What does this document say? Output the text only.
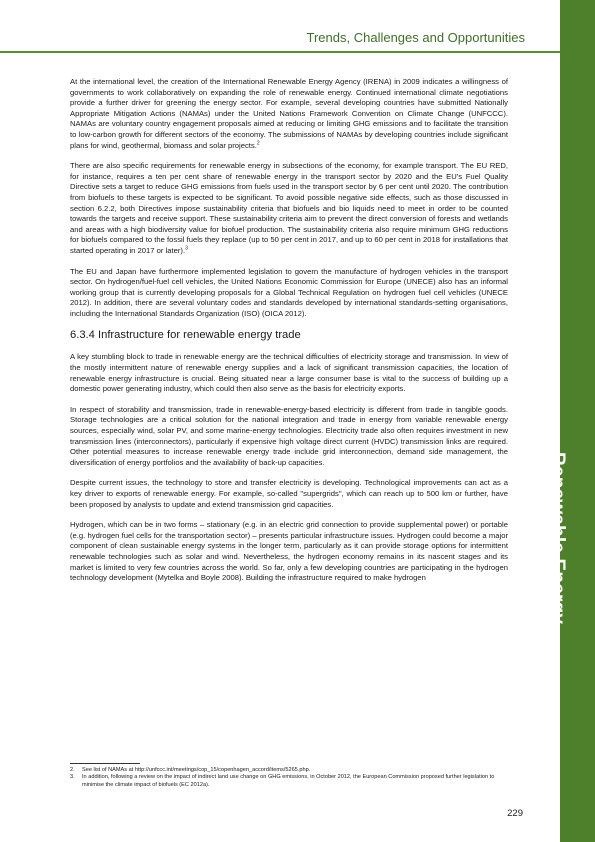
Trends, Challenges and Opportunities
Renewable Energy

At the international level, the creation of the International Renewable Energy Agency (IRENA) in 2009 indicates a willingness of governments to work collaboratively on expanding the role of renewable energy. Continued international climate negotiations provide a further driver for greening the energy sector. For example, several developing countries have submitted Nationally Appropriate Mitigation Actions (NAMAs) under the United Nations Framework Convention on Climate Change (UNFCCC). NAMAs are voluntary country engagement proposals aimed at reducing or limiting GHG emissions and to facilitate the transition to low-carbon growth for different sectors of the economy. The submissions of NAMAs by developing countries include significant plans for wind, geothermal, biomass and solar projects.$^2$

There are also specific requirements for renewable energy in subsections of the economy, for example transport. The EU RED, for instance, requires a ten per cent share of renewable energy in the transport sector by 2020 and the EU’s Fuel Quality Directive sets a target to reduce GHG emissions from fuels used in the transport sector by 6 per cent until 2020. The contribution from biofuels to these targets is expected to be significant. To avoid possible negative side effects, such as those discussed in section 6.2.2, both Directives impose sustainability criteria that biofuels and bio liquids need to meet in order to be counted towards the targets and receive support. These sustainability criteria aim to prevent the direct conversion of forests and wetlands and areas with a high biodiversity value for biofuel production. The sustainability criteria also require minimum GHG reductions for biofuels compared to the fossil fuels they replace (up to 50 per cent in 2017, and up to 60 per cent in 2018 for installations that started operating in 2017 or later).$^3$

The EU and Japan have furthermore implemented legislation to govern the manufacture of hydrogen vehicles in the transport sector. On hydrogen/fuel-fuel cell vehicles, the United Nations Economic Commission for Europe (UNECE) also has an informal working group that is currently developing proposals for a Global Technical Regulation on hydrogen fuel cell vehicles (UNECE 2012). In addition, there are several voluntary codes and standards developed by international standards-setting organisations, including the International Standards Organization (ISO) (OICA 2012).

6.3.4 Infrastructure for renewable energy trade

A key stumbling block to trade in renewable energy are the technical difficulties of electricity storage and transmission. In view of the mostly intermittent nature of renewable energy supplies and a lack of significant transmission capacities, the location of renewable energy infrastructure is crucial. Being situated near a large consumer base is vital to the success of building up a domestic power generating industry, which could then also serve as the basis for electricity exports.

In respect of storability and transmission, trade in renewable-energy-based electricity is different from trade in tangible goods. Storage technologies are a critical solution for the national integration and trade in energy from variable renewable energy sources, especially wind, solar PV, and some marine-energy technologies. Electricity trade also often requires investment in new transmission lines (interconnectors), particularly if expensive high voltage direct current (HVDC) transmission links are required. Other potential measures to increase renewable energy trade include grid interconnection, demand side management, the diversification of energy portfolios and the availability of back-up capacities.

Despite current issues, the technology to store and transfer electricity is developing. Technological improvements can act as a key driver to exports of renewable energy. For example, so-called "supergrids", which can reach up to 500 km or further, have been proposed by analysts to update and extend transmission grid capacities.

Hydrogen, which can be in two forms – stationary (e.g. in an electric grid connection to provide supplemental power) or portable (e.g. hydrogen fuel cells for the transportation sector) – presents particular infrastructure issues. Hydrogen could become a major component of clean sustainable energy systems in the longer term, particularly as it can provide storage options for intermittent renewable technologies such as solar and wind. Nevertheless, the hydrogen economy remains in its nascent stages and its market is limited to very few countries across the world. So far, only a few developing countries are participating in the hydrogen technology development (Mytelka and Boyle 2008). Building the infrastructure required to make hydrogen

2.	See list of NAMAs at http://unfccc.int/meetings/cop_15/copenhagen_accord/items/5265.php.
3.	In addition, following a review on the impact of indirect land use change on GHG emissions, in October 2012, the European Commission proposed further legislation to minimise the climate impact of biofuels (EC 2012a).
229
